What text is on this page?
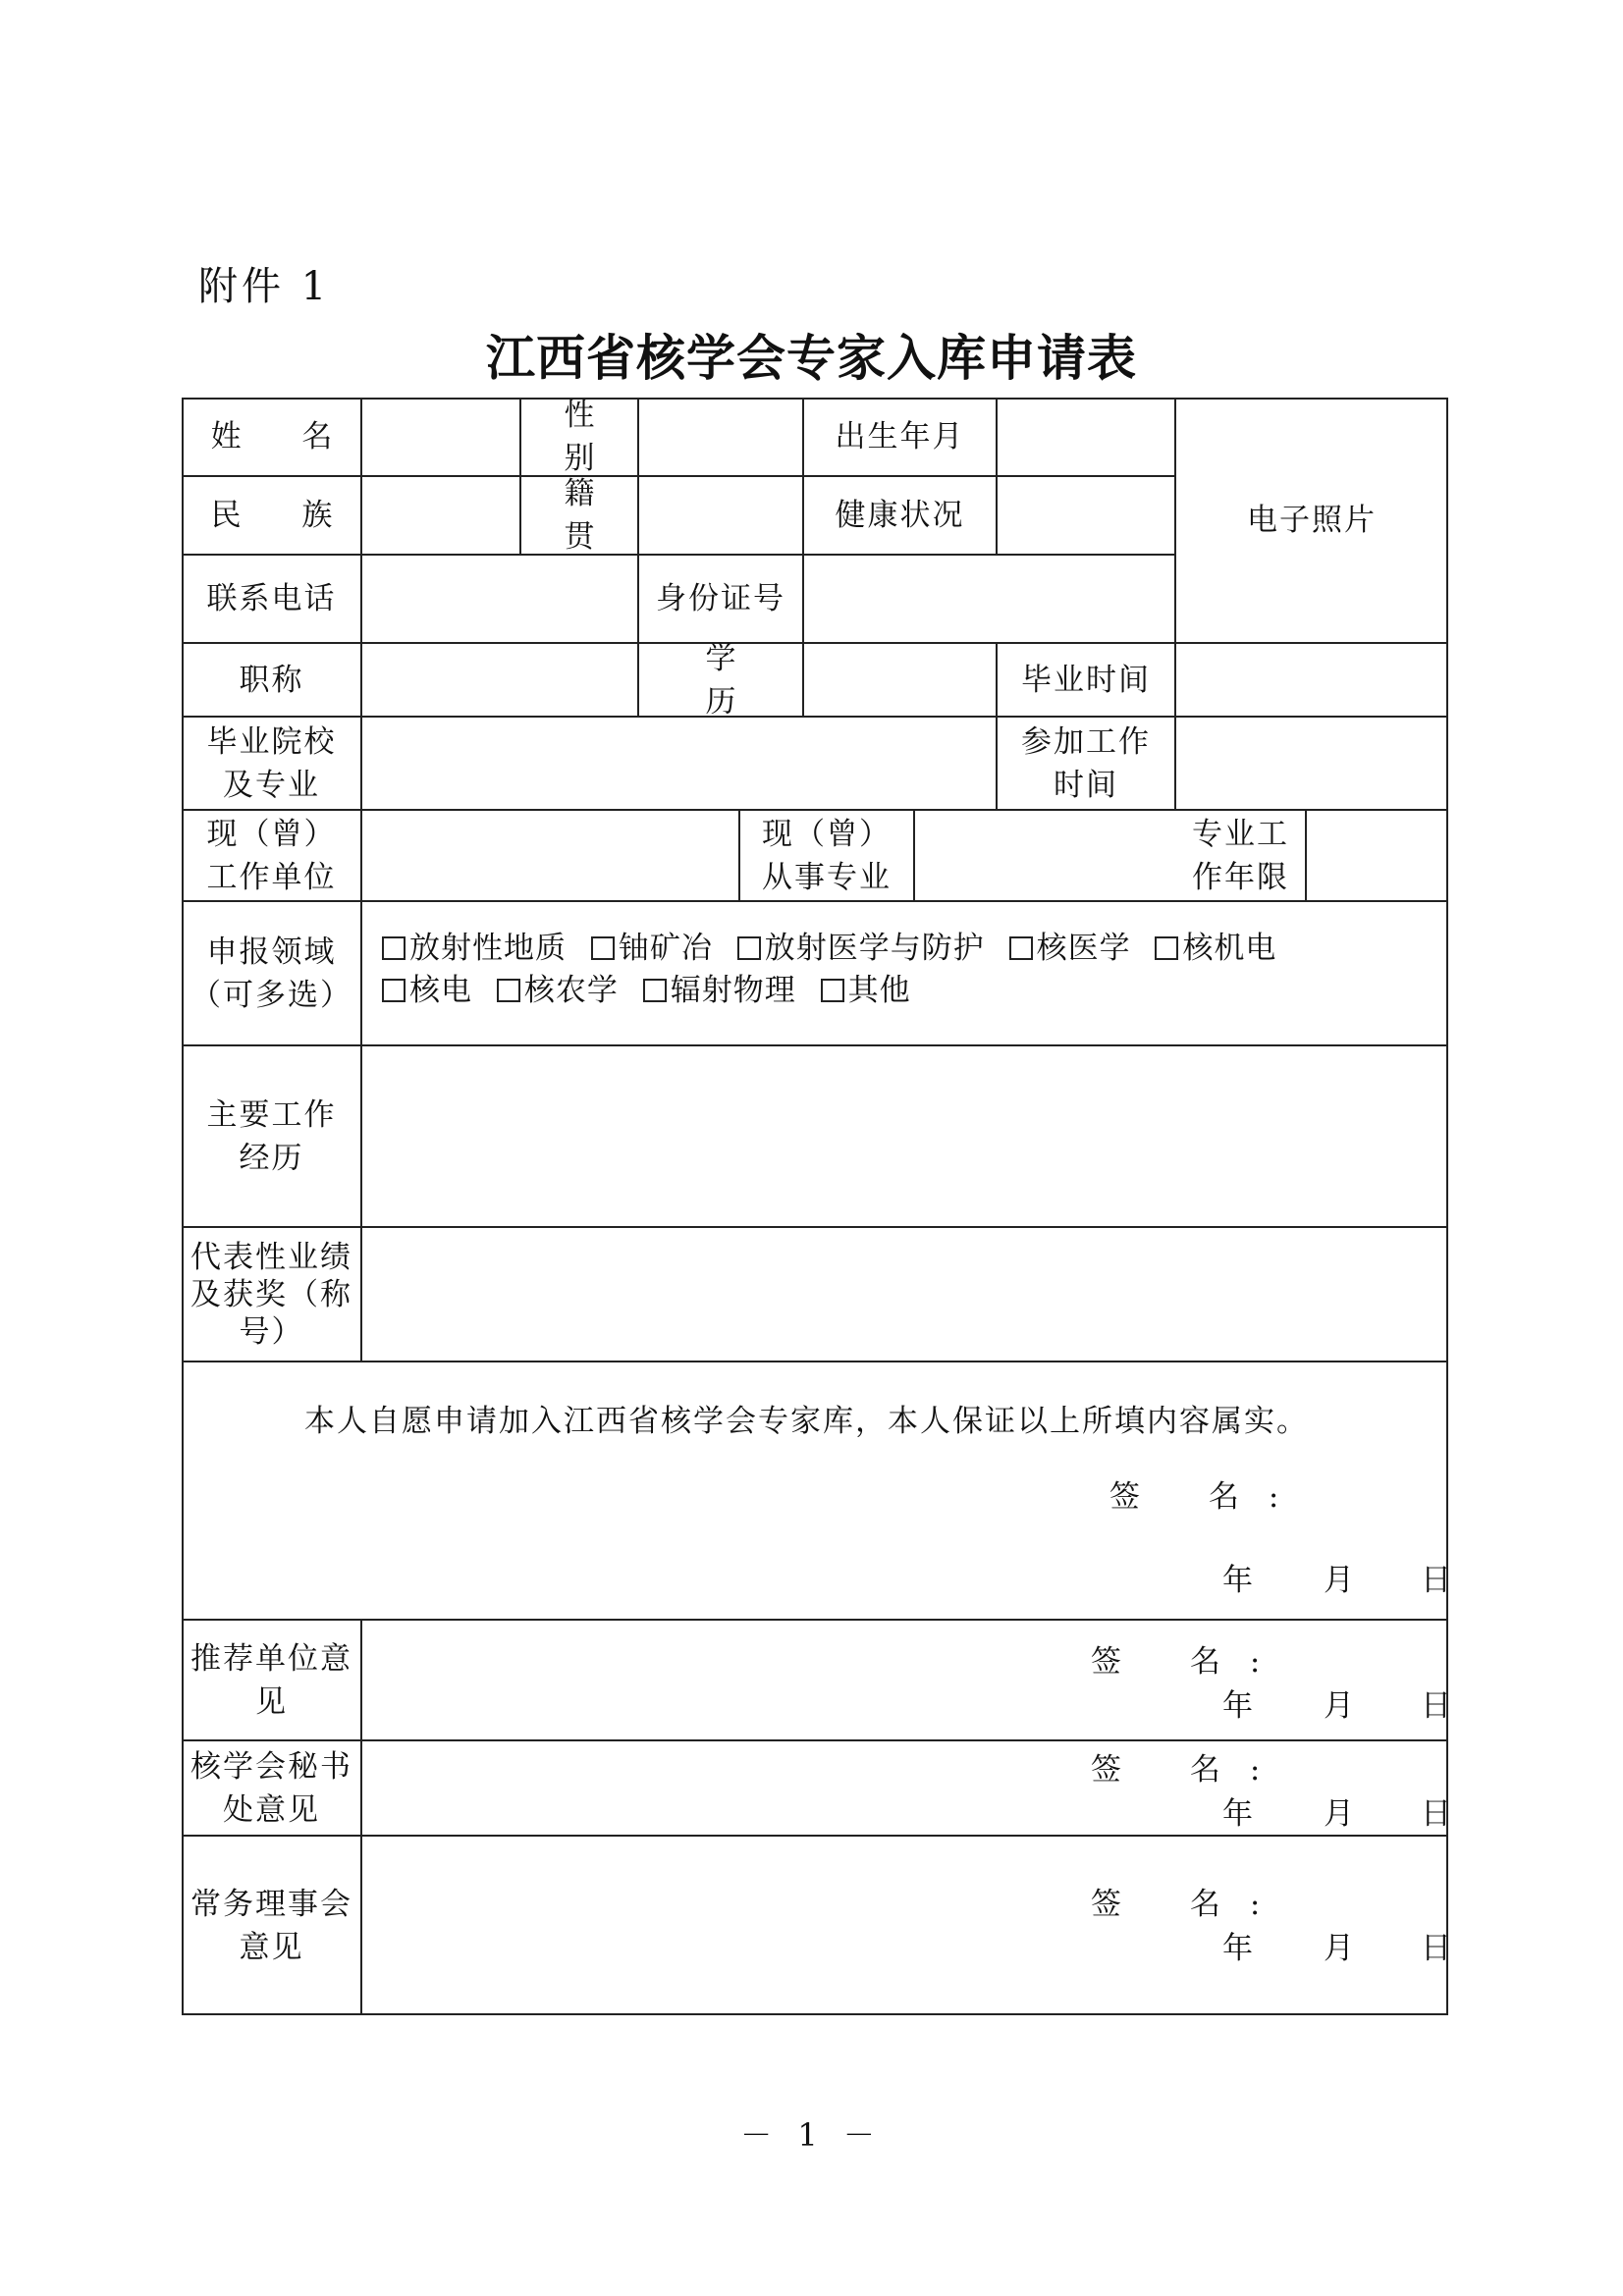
附件 1
江西省核学会专家入库申请表
姓 名
性 别
出生年月
电子照片
民 族
籍 贯
健康状况
联系电话	身份证号
职称
学 历
毕业时间
毕业院校
及专业
参加工作
时间
现（曾）
工作单位
现（曾）
从事专业
专业工
作年限
申报领域
（可多选）
放射性地质 铀矿冶 放射医学与防护 核医学 核机电 核电 核农学 辐射物理 其他
主要工作
经历
代表性业绩
及获奖（称
号）
本人自愿申请加入江西省核学会专家库，本人保证以上所填内容属实。
签 名:
年 月 日
推荐单位意
见
签 名:
年 月 日
核学会秘书
处意见
签 名:
年 月 日
常务理事会
意见
签 名:
年 月 日
－ 1 －
